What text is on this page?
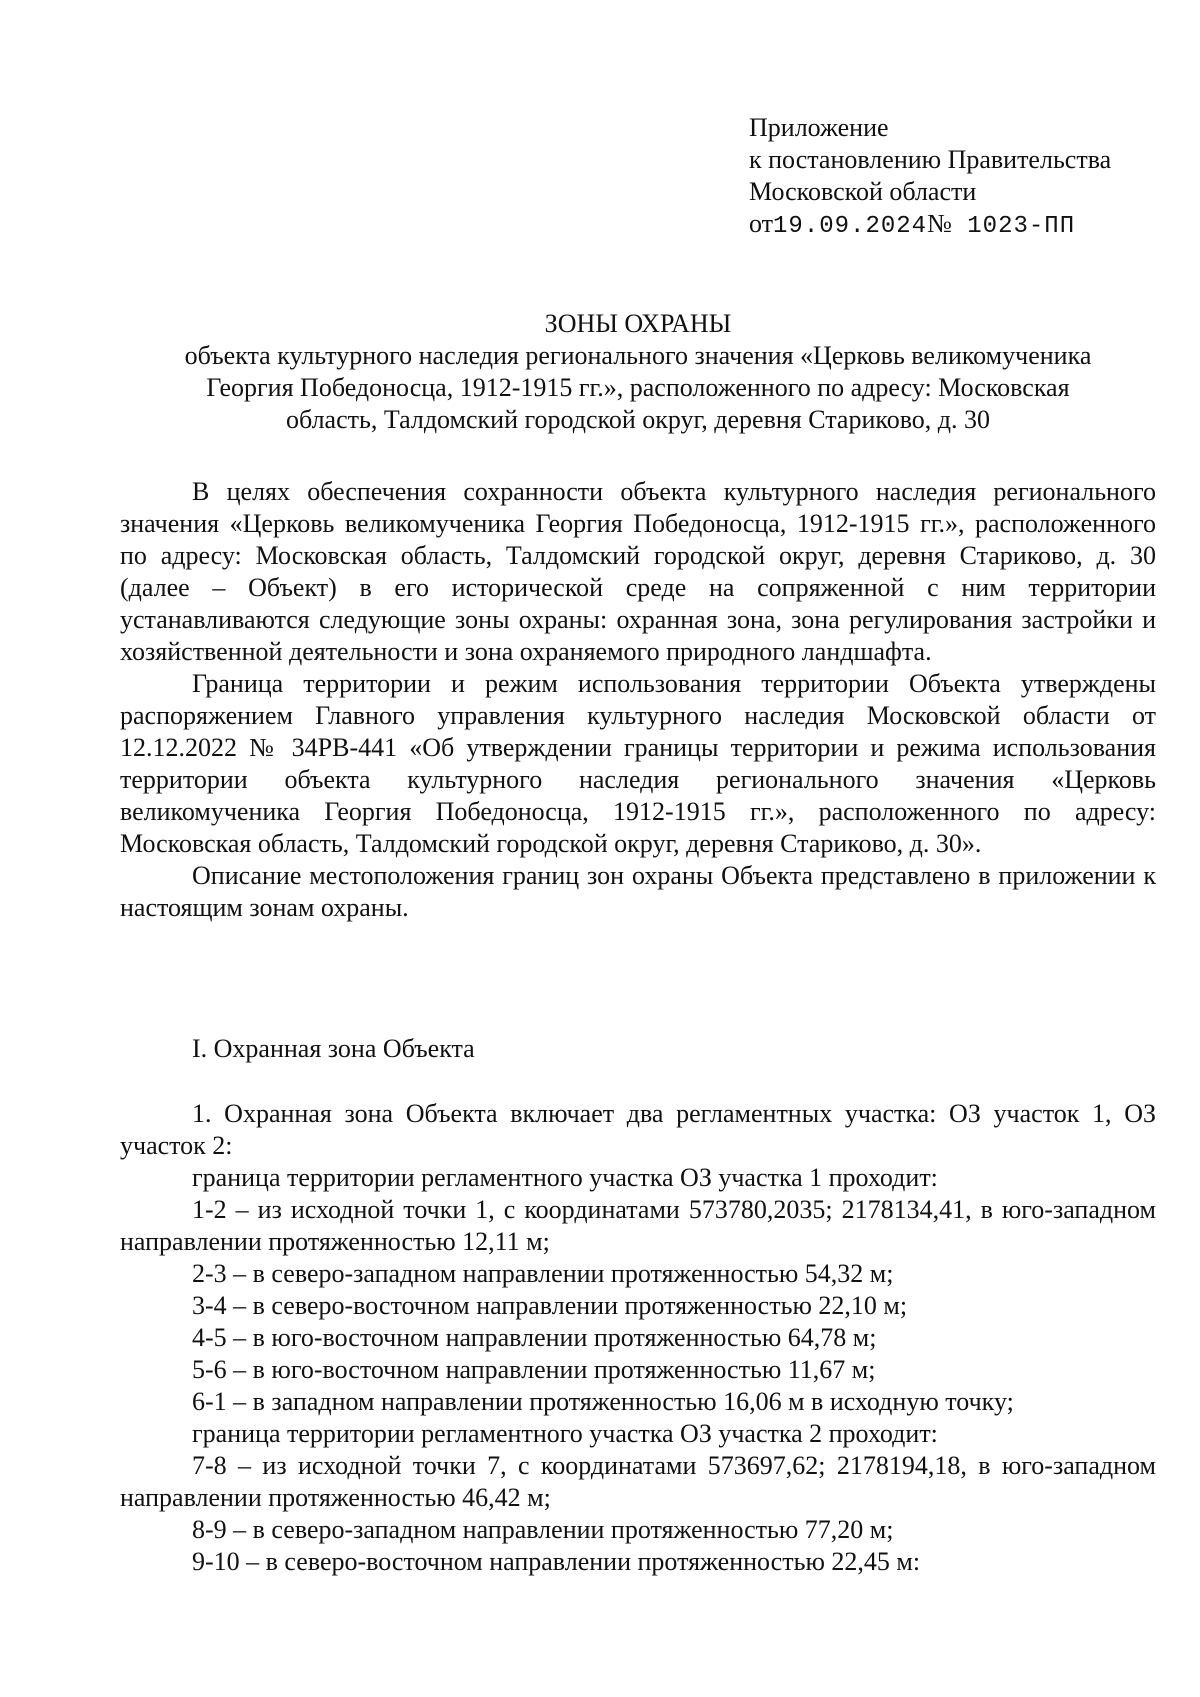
Приложение
к постановлению Правительства
Московской области
от19.09.2024№ 1023-ПП
ЗОНЫ ОХРАНЫ
объекта культурного наследия регионального значения «Церковь великомученика
Георгия Победоносца, 1912-1915 гг.», расположенного по адресу: Московская
область, Талдомский городской округ, деревня Стариково, д. 30

В целях обеспечения сохранности объекта культурного наследия регионального значения «Церковь великомученика Георгия Победоносца, 1912-1915 гг.», расположенного по адресу: Московская область, Талдомский городской округ, деревня Стариково, д. 30 (далее – Объект) в его исторической среде на сопряженной с ним территории устанавливаются следующие зоны охраны: охранная зона, зона регулирования застройки и хозяйственной деятельности и зона охраняемого природного ландшафта.

Граница территории и режим использования территории Объекта утверждены распоряжением Главного управления культурного наследия Московской области от 12.12.2022 № 34РВ-441 «Об утверждении границы территории и режима использования территории объекта культурного наследия регионального значения «Церковь великомученика Георгия Победоносца, 1912-1915 гг.», расположенного по адресу: Московская область, Талдомский городской округ, деревня Стариково, д. 30».

Описание местоположения границ зон охраны Объекта представлено в приложении к настоящим зонам охраны.

I. Охранная зона Объекта

1. Охранная зона Объекта включает два регламентных участка: ОЗ участок 1, ОЗ участок 2:

граница территории регламентного участка ОЗ участка 1 проходит:

1-2 – из исходной точки 1, с координатами 573780,2035; 2178134,41, в юго-западном направлении протяженностью 12,11 м;

2-3 – в северо-западном направлении протяженностью 54,32 м;

3-4 – в северо-восточном направлении протяженностью 22,10 м;

4-5 – в юго-восточном направлении протяженностью 64,78 м;

5-6 – в юго-восточном направлении протяженностью 11,67 м;

6-1 – в западном направлении протяженностью 16,06 м в исходную точку;

граница территории регламентного участка ОЗ участка 2 проходит:

7-8 – из исходной точки 7, с координатами 573697,62; 2178194,18, в юго-западном направлении протяженностью 46,42 м;

8-9 – в северо-западном направлении протяженностью 77,20 м;

9-10 – в северо-восточном направлении протяженностью 22,45 м:
